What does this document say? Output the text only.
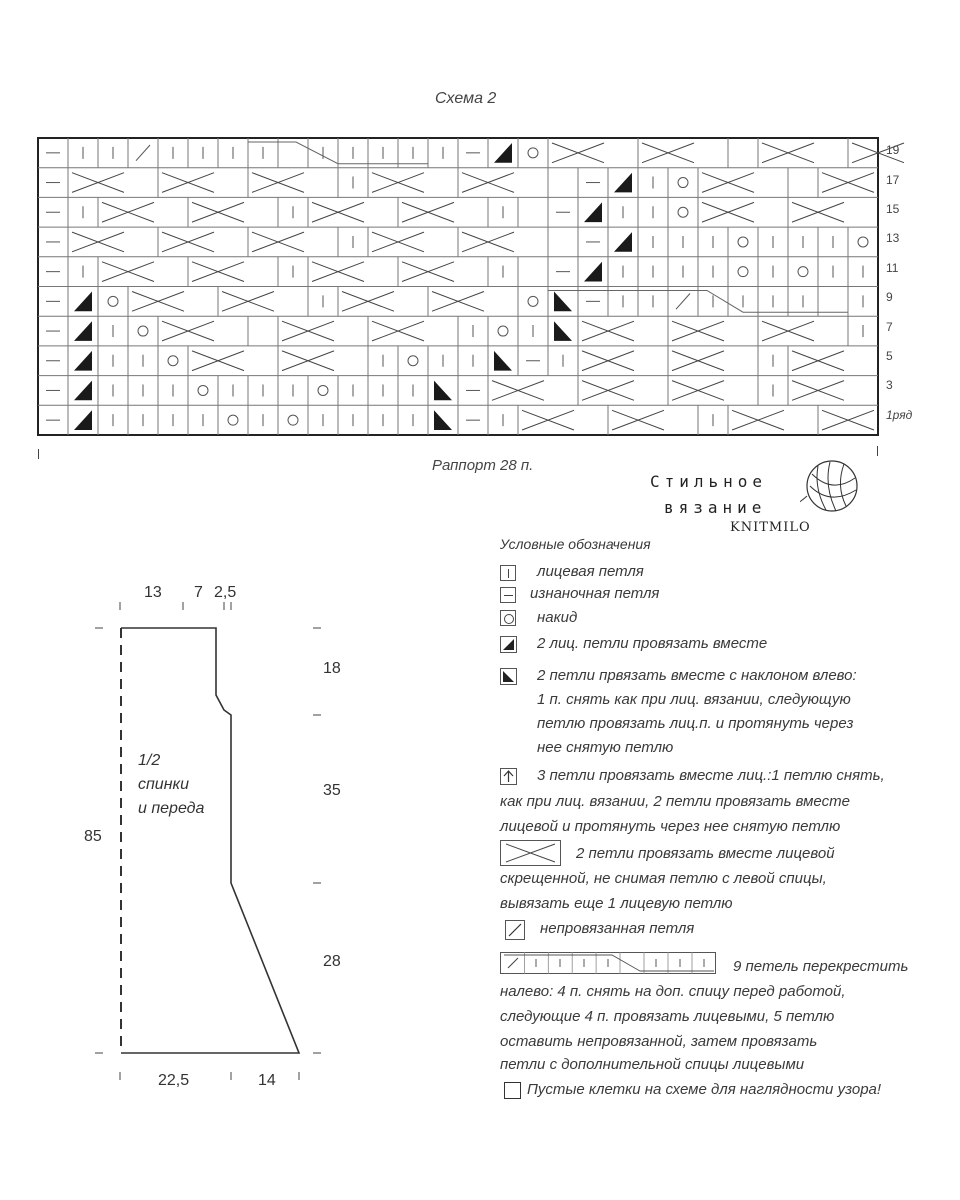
Схема 2
19
17
15
13
11
9
7
5
3
1ряд
Раппорт 28 п.
Стильное
вязание
KNITMILO
13 7 2,5
18
35
28
85
22,5	14
1/2
спинки
и переда
Условные обозначения
лицевая петля
изнаночная петля
накид
2 лиц. петли провязать вместе
2 петли првязать вместе с наклоном влево:
1 п. снять как при лиц. вязании, следующую
петлю провязать лиц.п. и протянуть через
нее снятую петлю
3 петли провязать вместе лиц.:1 петлю снять,
как при лиц. вязании, 2 петли провязать вместе
лицевой и протянуть через нее снятую петлю
2 петли провязать вместе лицевой
скрещенной, не снимая петлю с левой спицы,
вывязать еще 1 лицевую петлю
непровязанная петля
9 петель перекрестить
налево: 4 п. снять на доп. спицу перед работой,
следующие 4 п. провязать лицевыми, 5 петлю
оставить непровязанной, затем провязать
петли с дополнительной спицы лицевыми
Пустые клетки на схеме для наглядности узора!
